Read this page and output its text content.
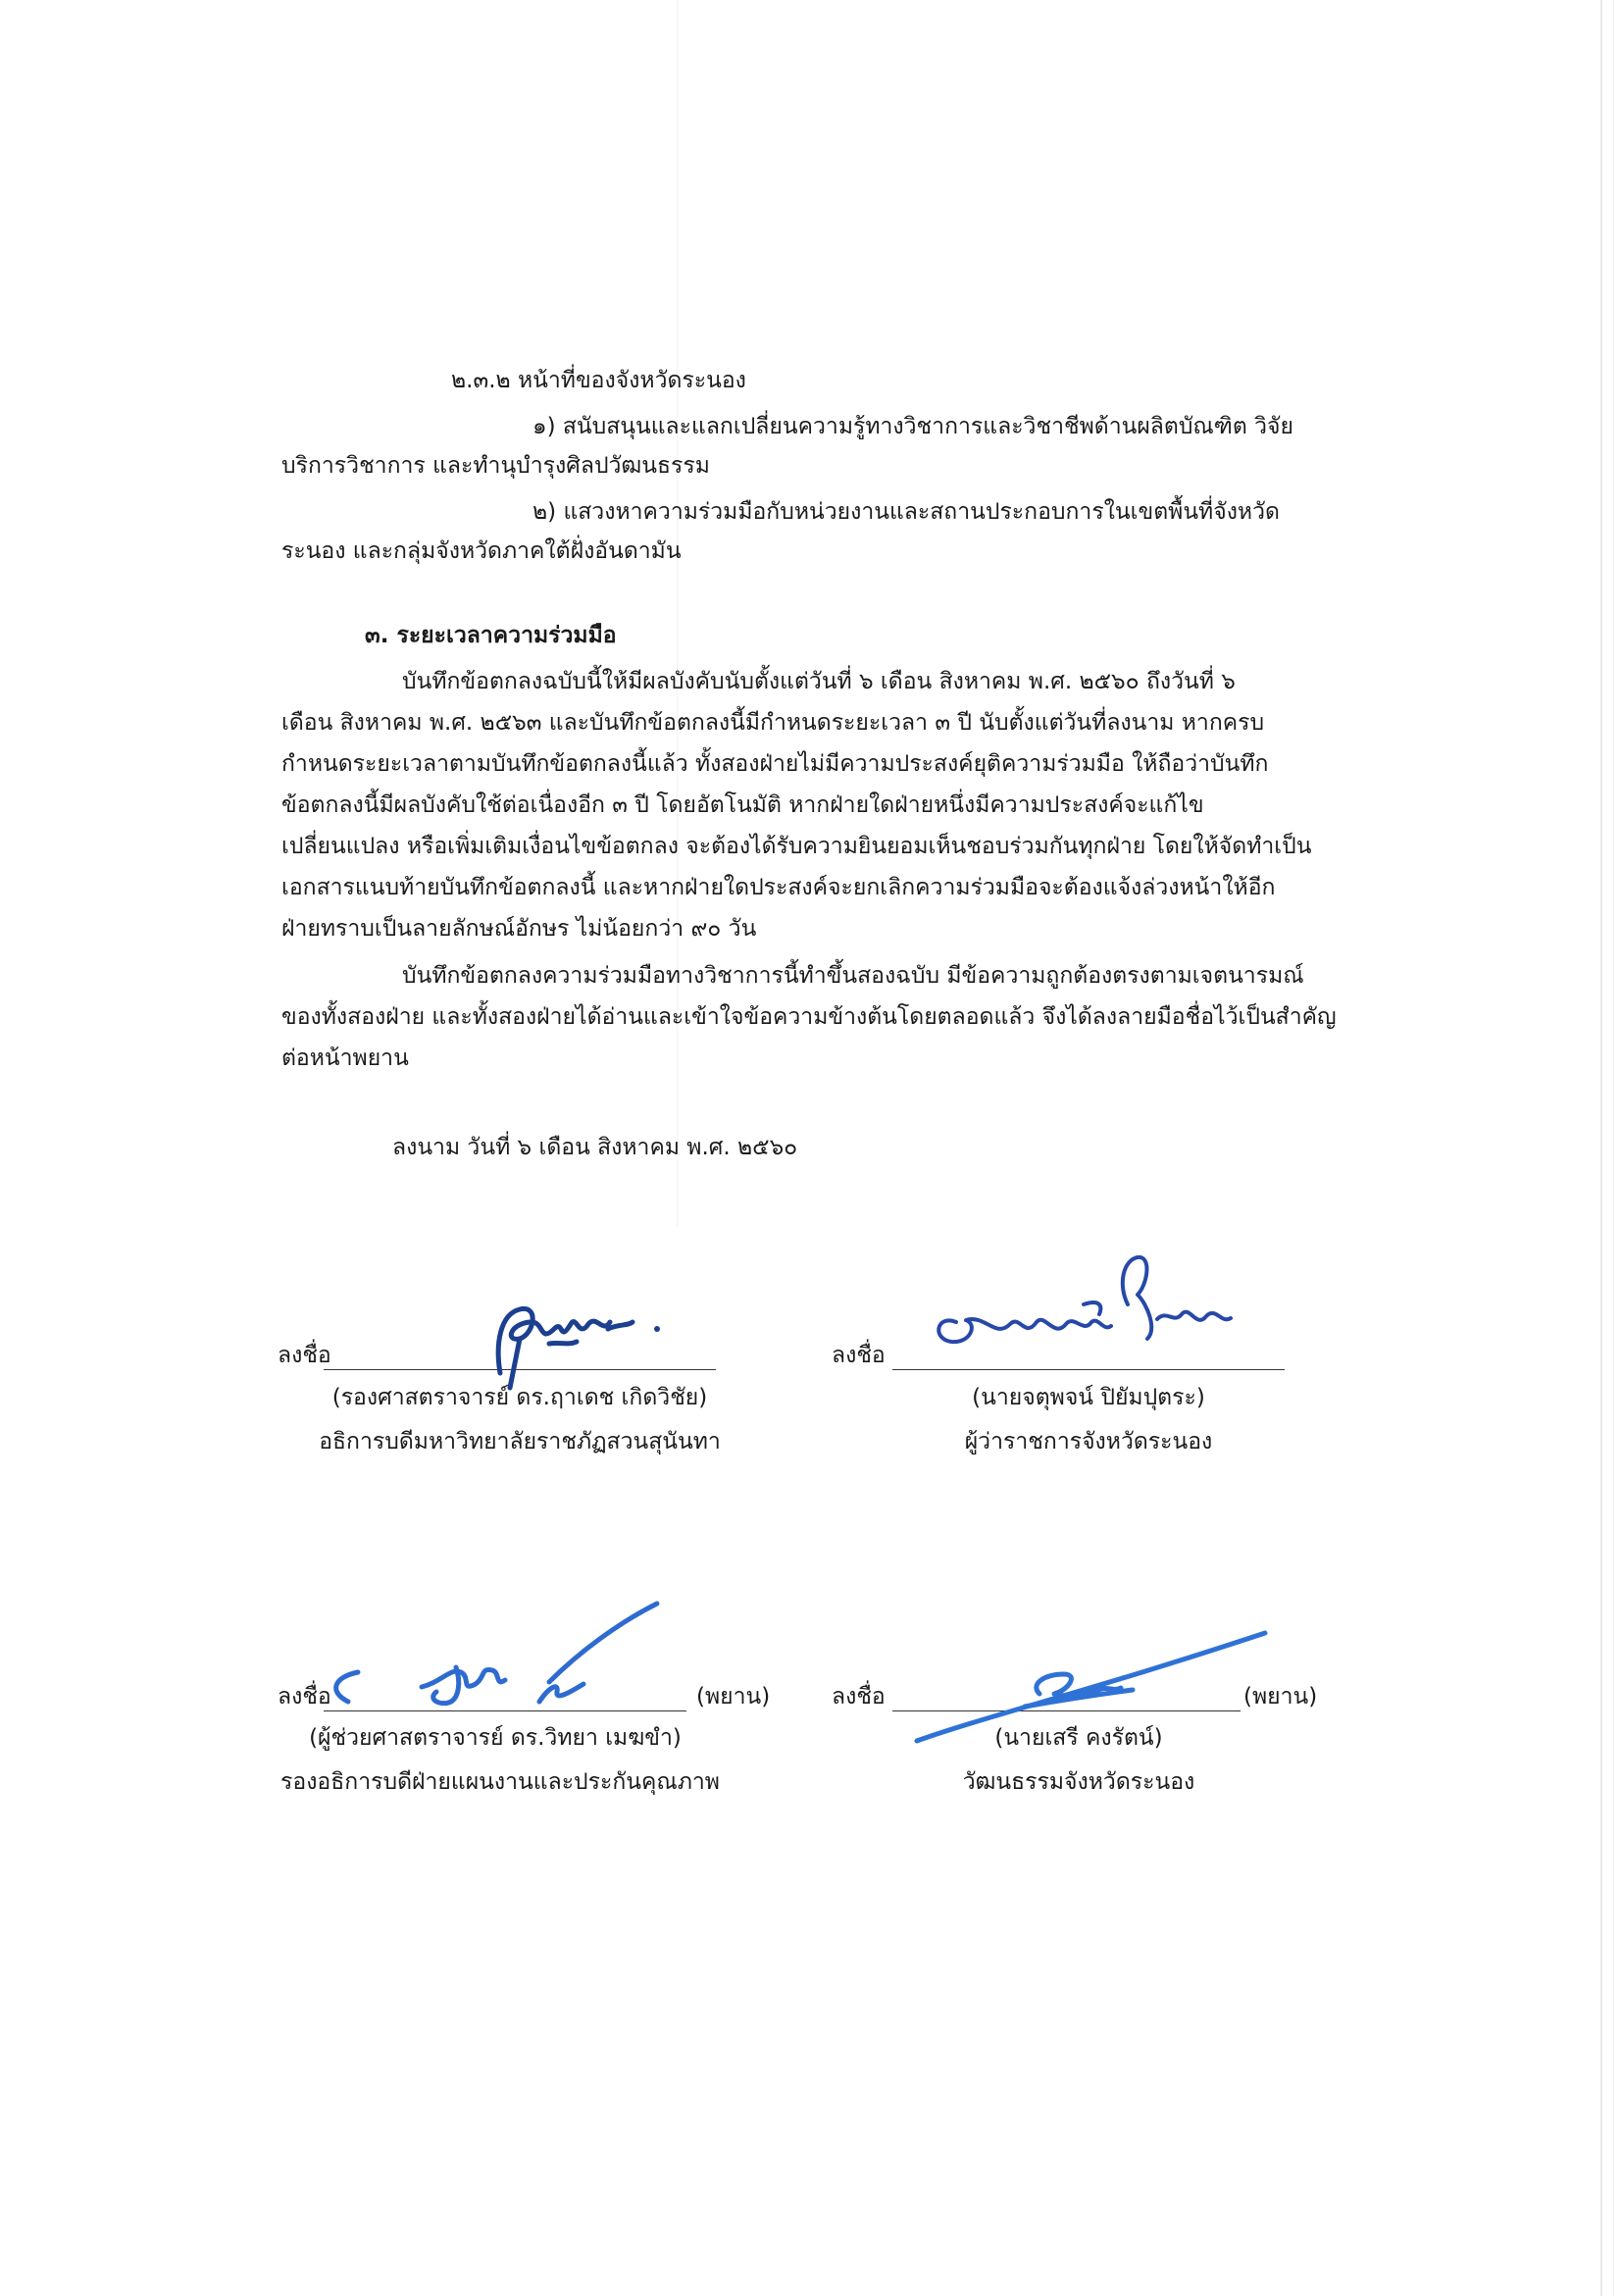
๒.๓.๒ หน้าที่ของจังหวัดระนอง
๑) สนับสนุนและแลกเปลี่ยนความรู้ทางวิชาการและวิชาชีพด้านผลิตบัณฑิต วิจัย
บริการวิชาการ และทำนุบำรุงศิลปวัฒนธรรม
๒) แสวงหาความร่วมมือกับหน่วยงานและสถานประกอบการในเขตพื้นที่จังหวัด
ระนอง และกลุ่มจังหวัดภาคใต้ฝั่งอันดามัน
๓. ระยะเวลาความร่วมมือ
บันทึกข้อตกลงฉบับนี้ให้มีผลบังคับนับตั้งแต่วันที่ ๖ เดือน สิงหาคม พ.ศ. ๒๕๖๐ ถึงวันที่ ๖
เดือน สิงหาคม พ.ศ. ๒๕๖๓ และบันทึกข้อตกลงนี้มีกำหนดระยะเวลา ๓ ปี นับตั้งแต่วันที่ลงนาม หากครบ
กำหนดระยะเวลาตามบันทึกข้อตกลงนี้แล้ว ทั้งสองฝ่ายไม่มีความประสงค์ยุติความร่วมมือ ให้ถือว่าบันทึก
ข้อตกลงนี้มีผลบังคับใช้ต่อเนื่องอีก ๓ ปี โดยอัตโนมัติ หากฝ่ายใดฝ่ายหนึ่งมีความประสงค์จะแก้ไข
เปลี่ยนแปลง หรือเพิ่มเติมเงื่อนไขข้อตกลง จะต้องได้รับความยินยอมเห็นชอบร่วมกันทุกฝ่าย โดยให้จัดทำเป็น
เอกสารแนบท้ายบันทึกข้อตกลงนี้ และหากฝ่ายใดประสงค์จะยกเลิกความร่วมมือจะต้องแจ้งล่วงหน้าให้อีก
ฝ่ายทราบเป็นลายลักษณ์อักษร ไม่น้อยกว่า ๙๐ วัน
บันทึกข้อตกลงความร่วมมือทางวิชาการนี้ทำขึ้นสองฉบับ มีข้อความถูกต้องตรงตามเจตนารมณ์
ของทั้งสองฝ่าย และทั้งสองฝ่ายได้อ่านและเข้าใจข้อความข้างต้นโดยตลอดแล้ว จึงได้ลงลายมือชื่อไว้เป็นสำคัญ
ต่อหน้าพยาน
ลงนาม วันที่ ๖ เดือน สิงหาคม พ.ศ. ๒๕๖๐
ลงชื่อ
(รองศาสตราจารย์ ดร.ฤาเดช เกิดวิชัย)
อธิการบดีมหาวิทยาลัยราชภัฏสวนสุนันทา
ลงชื่อ
(นายจตุพจน์ ปิยัมปุตระ)
ผู้ว่าราชการจังหวัดระนอง
ลงชื่อ	(พยาน)
(ผู้ช่วยศาสตราจารย์ ดร.วิทยา เมฆขำ)
รองอธิการบดีฝ่ายแผนงานและประกันคุณภาพ
ลงชื่อ	(พยาน)
(นายเสรี คงรัตน์)
วัฒนธรรมจังหวัดระนอง
